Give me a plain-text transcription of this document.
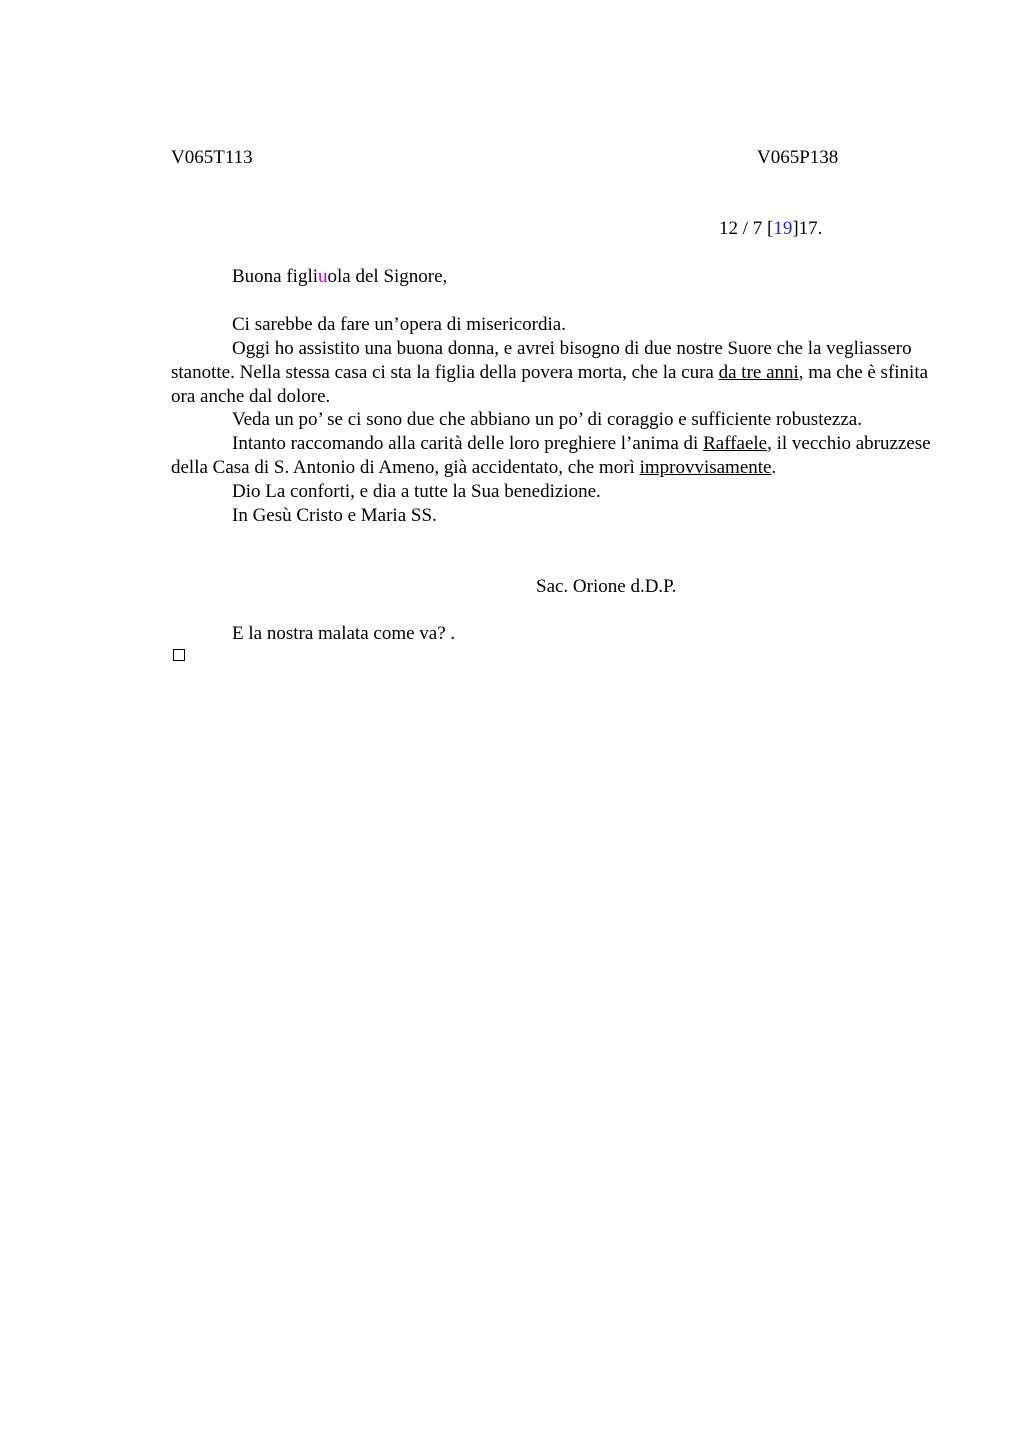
V065T113	V065P138
12 / 7 [19]17.
Buona figliuola del Signore,
Ci sarebbe da fare un’opera di misericordia.

Oggi ho assistito una buona donna, e avrei bisogno di due nostre Suore che la vegliassero stanotte. Nella stessa casa ci sta la figlia della povera morta, che la cura da tre anni, ma che è sfinita ora anche dal dolore.

Veda un po’ se ci sono due che abbiano un po’ di coraggio e sufficiente robustezza.

Intanto raccomando alla carità delle loro preghiere l’anima di Raffaele, il vecchio abruzzese della Casa di S. Antonio di Ameno, già accidentato, che morì improvvisamente.

Dio La conforti, e dia a tutte la Sua benedizione.
In Gesù Cristo e Maria SS.
Sac. Orione d.D.P.
E la nostra malata come va? .
